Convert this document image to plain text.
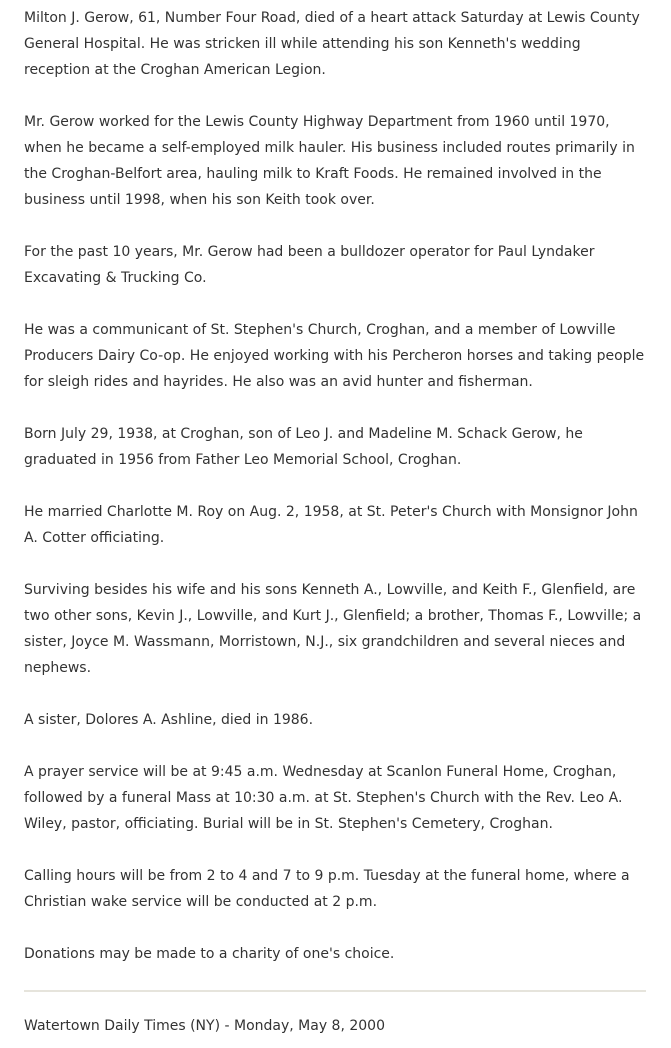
Milton J. Gerow, 61, Number Four Road, died of a heart attack Saturday at Lewis County General Hospital. He was stricken ill while attending his son Kenneth's wedding reception at the Croghan American Legion.

Mr. Gerow worked for the Lewis County Highway Department from 1960 until 1970, when he became a self-employed milk hauler. His business included routes primarily in the Croghan-Belfort area, hauling milk to Kraft Foods. He remained involved in the business until 1998, when his son Keith took over.

For the past 10 years, Mr. Gerow had been a bulldozer operator for Paul Lyndaker Excavating & Trucking Co.

He was a communicant of St. Stephen's Church, Croghan, and a member of Lowville Producers Dairy Co-op. He enjoyed working with his Percheron horses and taking people for sleigh rides and hayrides. He also was an avid hunter and fisherman.

Born July 29, 1938, at Croghan, son of Leo J. and Madeline M. Schack Gerow, he graduated in 1956 from Father Leo Memorial School, Croghan.

He married Charlotte M. Roy on Aug. 2, 1958, at St. Peter's Church with Monsignor John A. Cotter officiating.

Surviving besides his wife and his sons Kenneth A., Lowville, and Keith F., Glenfield, are two other sons, Kevin J., Lowville, and Kurt J., Glenfield; a brother, Thomas F., Lowville; a sister, Joyce M. Wassmann, Morristown, N.J., six grandchildren and several nieces and nephews.

A sister, Dolores A. Ashline, died in 1986.

A prayer service will be at 9:45 a.m. Wednesday at Scanlon Funeral Home, Croghan, followed by a funeral Mass at 10:30 a.m. at St. Stephen's Church with the Rev. Leo A. Wiley, pastor, officiating. Burial will be in St. Stephen's Cemetery, Croghan.

Calling hours will be from 2 to 4 and 7 to 9 p.m. Tuesday at the funeral home, where a Christian wake service will be conducted at 2 p.m.

Donations may be made to a charity of one's choice.

Watertown Daily Times (NY) - Monday, May 8, 2000
